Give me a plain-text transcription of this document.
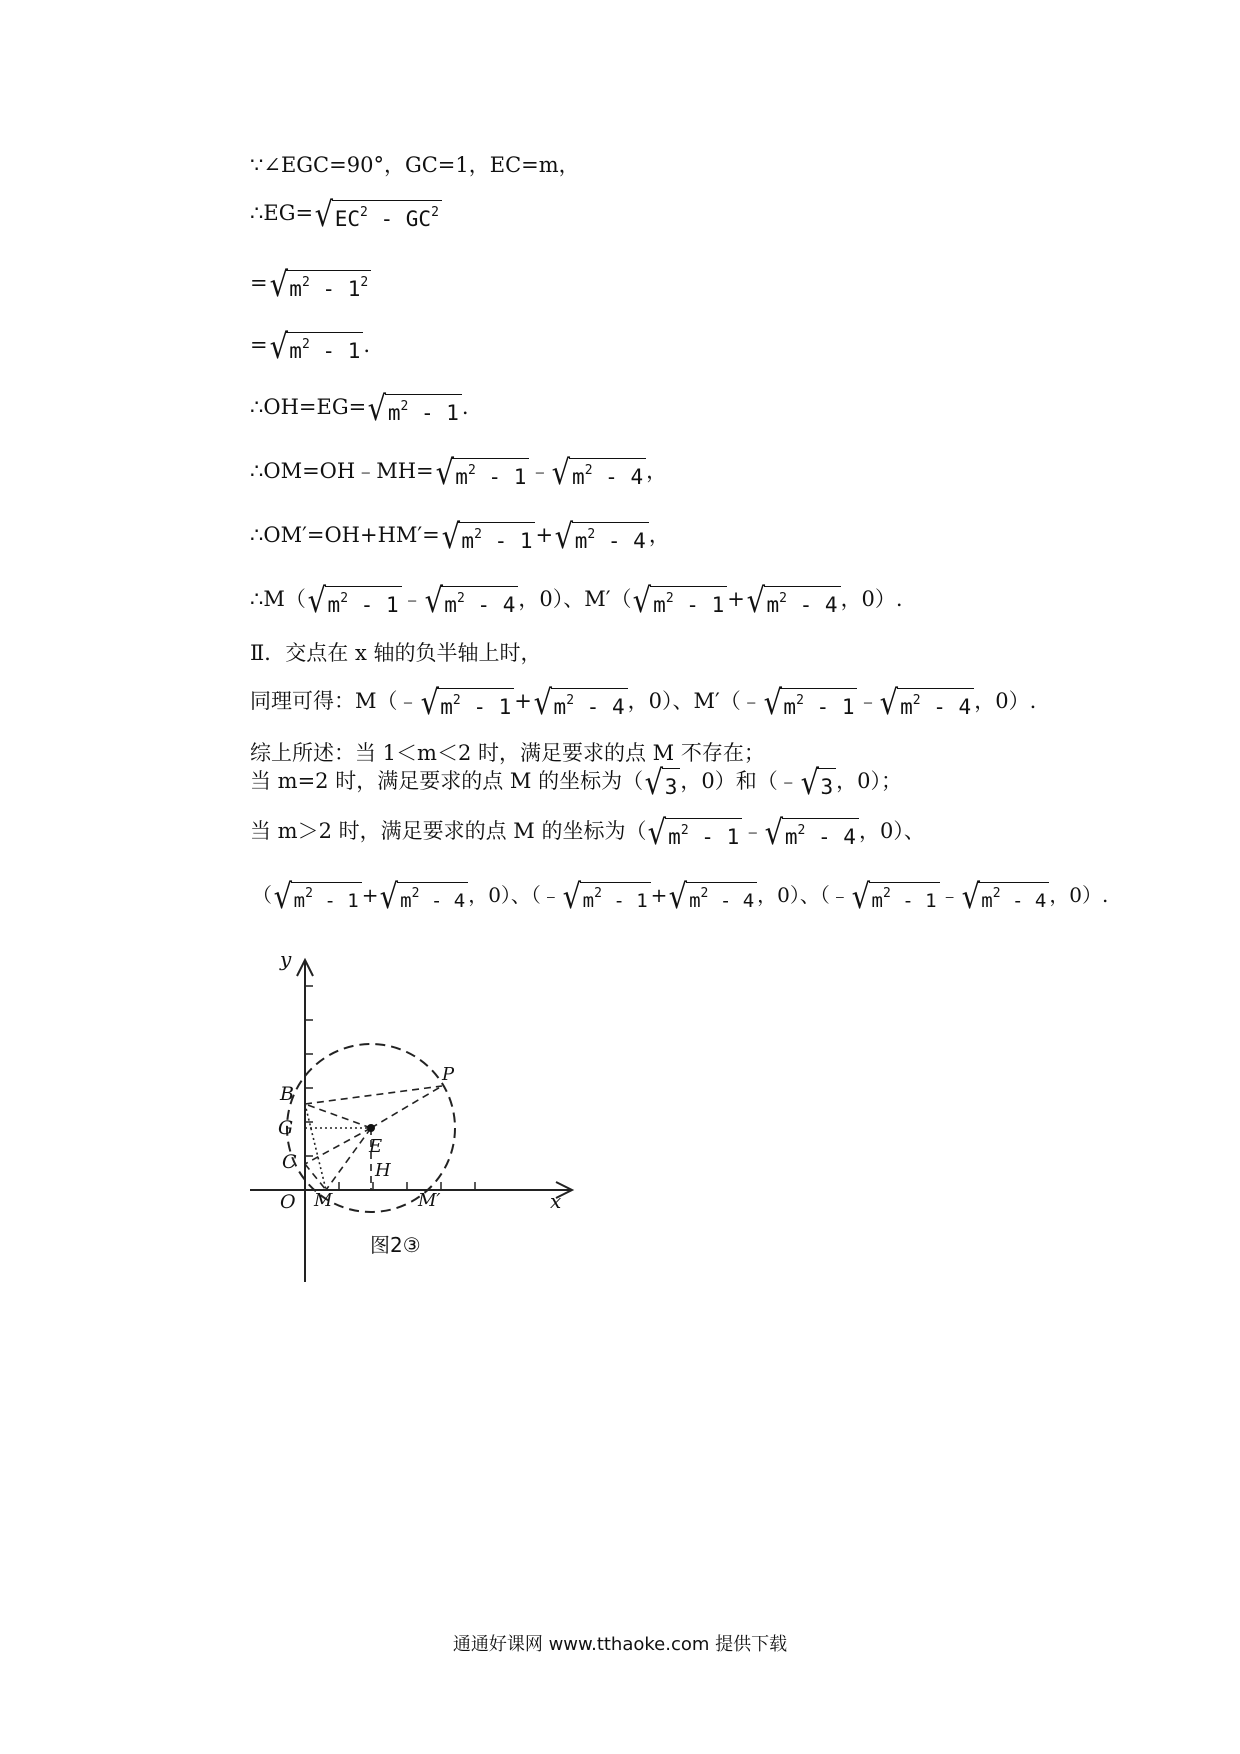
∵∠EGC=90°，GC=1，EC=m，
$\therefore EG=√EC^2 - GC^2$
$=√m^2 - 1^2$
$=√m^2 - 1$ .
$\therefore OH=EG=√m^2 - 1$ .
$\therefore OM=OH﹣MH=√m^2 - 1$ $﹣√m^2 - 4$ ，
$\therefore OM'=OH+HM'=√m^2 - 1 +√m^2 - 4$ ，
$\therefore M(√m^2 - 1$ $﹣√m^2 - 4$ ，0）、$M'(√m^2 - 1 +√m^2 - 4$ ，0）.
Ⅱ．交点在 x 轴的负半轴上时，
同理可得：$M(﹣√m^2 - 1 +√m^2 - 4$ ，0）、$M'(﹣√m^2 - 1$ $﹣√m^2 - 4$ ，0）.
综上所述：当 1＜m＜2 时，满足要求的点 M 不存在；
当 m=2 时，满足要求的点 M 的坐标为（√3 ，0）和（﹣√3 ，0）；
当 m＞2 时，满足要求的点 M 的坐标为（$√m^2 - 1$ $﹣√m^2 - 4$ ，0）、
（$√m^2 - 1 +√m^2 - 4$ ，0）、（$﹣√m^2 - 1 +√m^2 - 4$ ，0）、（$﹣√m^2 - 1$ $﹣√m^2 - 4$ ，0）.
y
x
O
B
G
C
E
H
M	M′
P
图2③
通通好课网 www.tthaoke.com 提供下载
